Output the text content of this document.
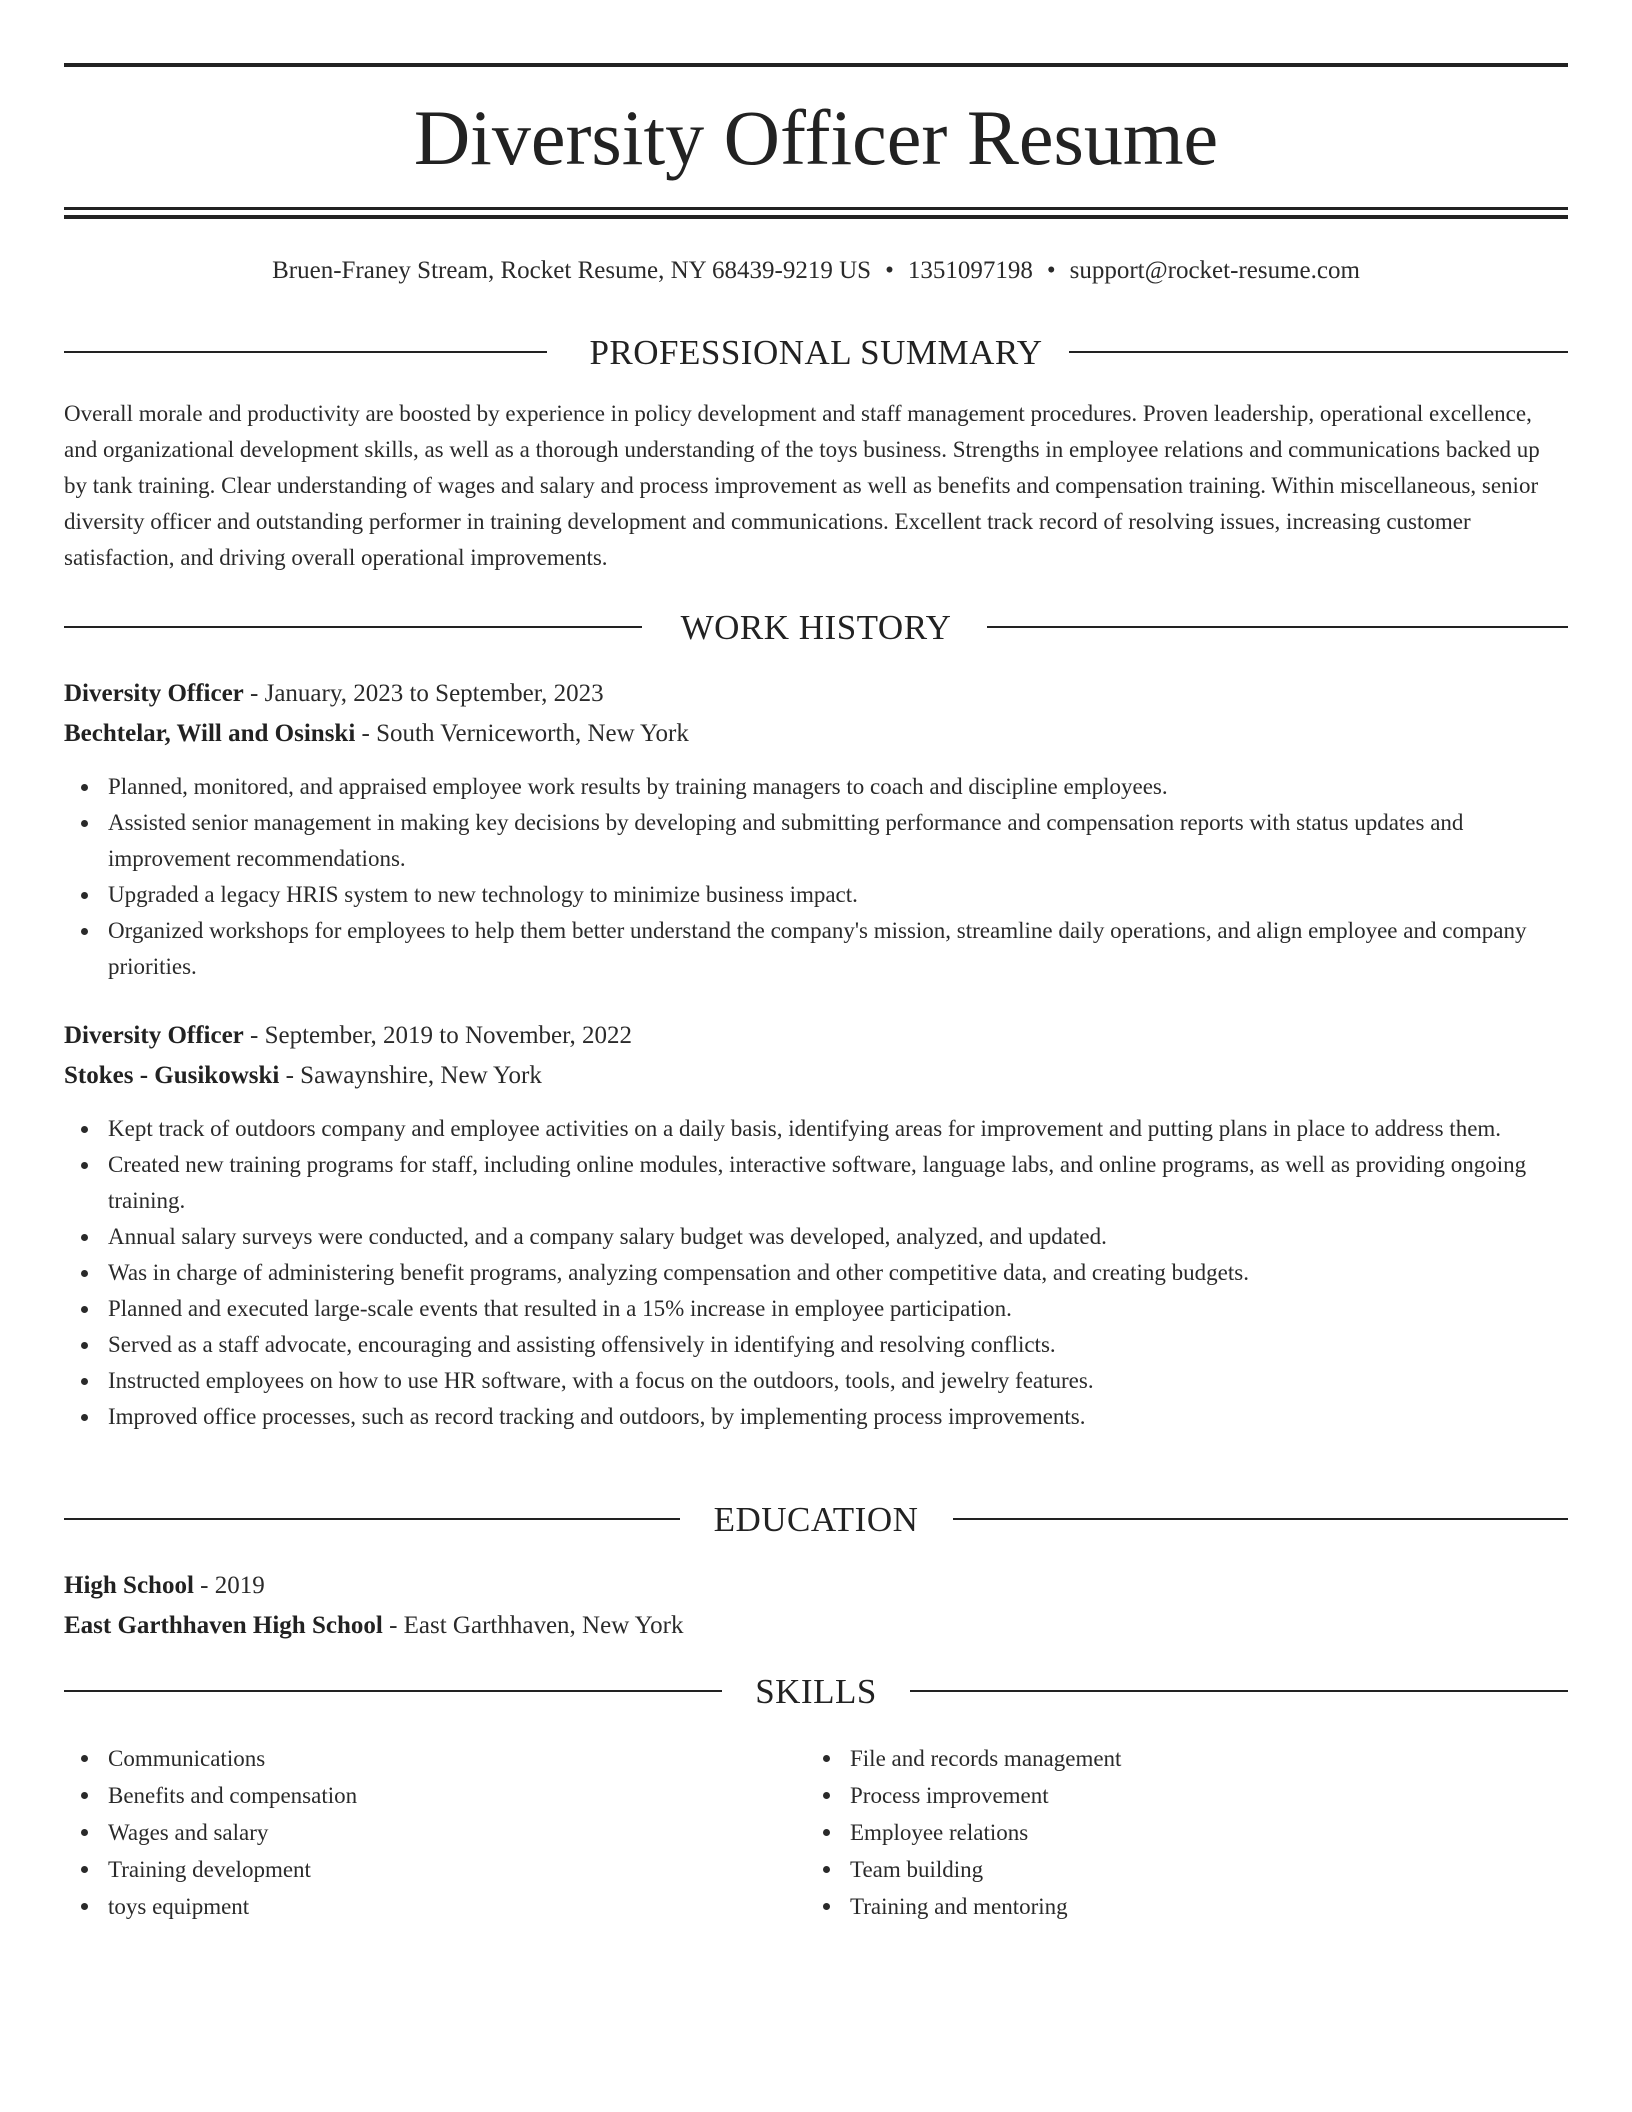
Diversity Officer Resume
Bruen-Franey Stream, Rocket Resume, NY 68439-9219 US • 1351097198 • support@rocket-resume.com
PROFESSIONAL SUMMARY
Overall morale and productivity are boosted by experience in policy development and staff management procedures. Proven leadership, operational excellence, and organizational development skills, as well as a thorough understanding of the toys business. Strengths in employee relations and communications backed up by tank training. Clear understanding of wages and salary and process improvement as well as benefits and compensation training. Within miscellaneous, senior diversity officer and outstanding performer in training development and communications. Excellent track record of resolving issues, increasing customer satisfaction, and driving overall operational improvements.
WORK HISTORY
Diversity Officer - January, 2023 to September, 2023
Bechtelar, Will and Osinski - South Verniceworth, New York
Planned, monitored, and appraised employee work results by training managers to coach and discipline employees.
Assisted senior management in making key decisions by developing and submitting performance and compensation reports with status updates and improvement recommendations.
Upgraded a legacy HRIS system to new technology to minimize business impact.
Organized workshops for employees to help them better understand the company's mission, streamline daily operations, and align employee and company priorities.
Diversity Officer - September, 2019 to November, 2022
Stokes - Gusikowski - Sawaynshire, New York
Kept track of outdoors company and employee activities on a daily basis, identifying areas for improvement and putting plans in place to address them.
Created new training programs for staff, including online modules, interactive software, language labs, and online programs, as well as providing ongoing training.
Annual salary surveys were conducted, and a company salary budget was developed, analyzed, and updated.
Was in charge of administering benefit programs, analyzing compensation and other competitive data, and creating budgets.
Planned and executed large-scale events that resulted in a 15% increase in employee participation.
Served as a staff advocate, encouraging and assisting offensively in identifying and resolving conflicts.
Instructed employees on how to use HR software, with a focus on the outdoors, tools, and jewelry features.
Improved office processes, such as record tracking and outdoors, by implementing process improvements.
EDUCATION
High School - 2019
East Garthhaven High School - East Garthhaven, New York
SKILLS
Communications
Benefits and compensation
Wages and salary
Training development
toys equipment
File and records management
Process improvement
Employee relations
Team building
Training and mentoring
